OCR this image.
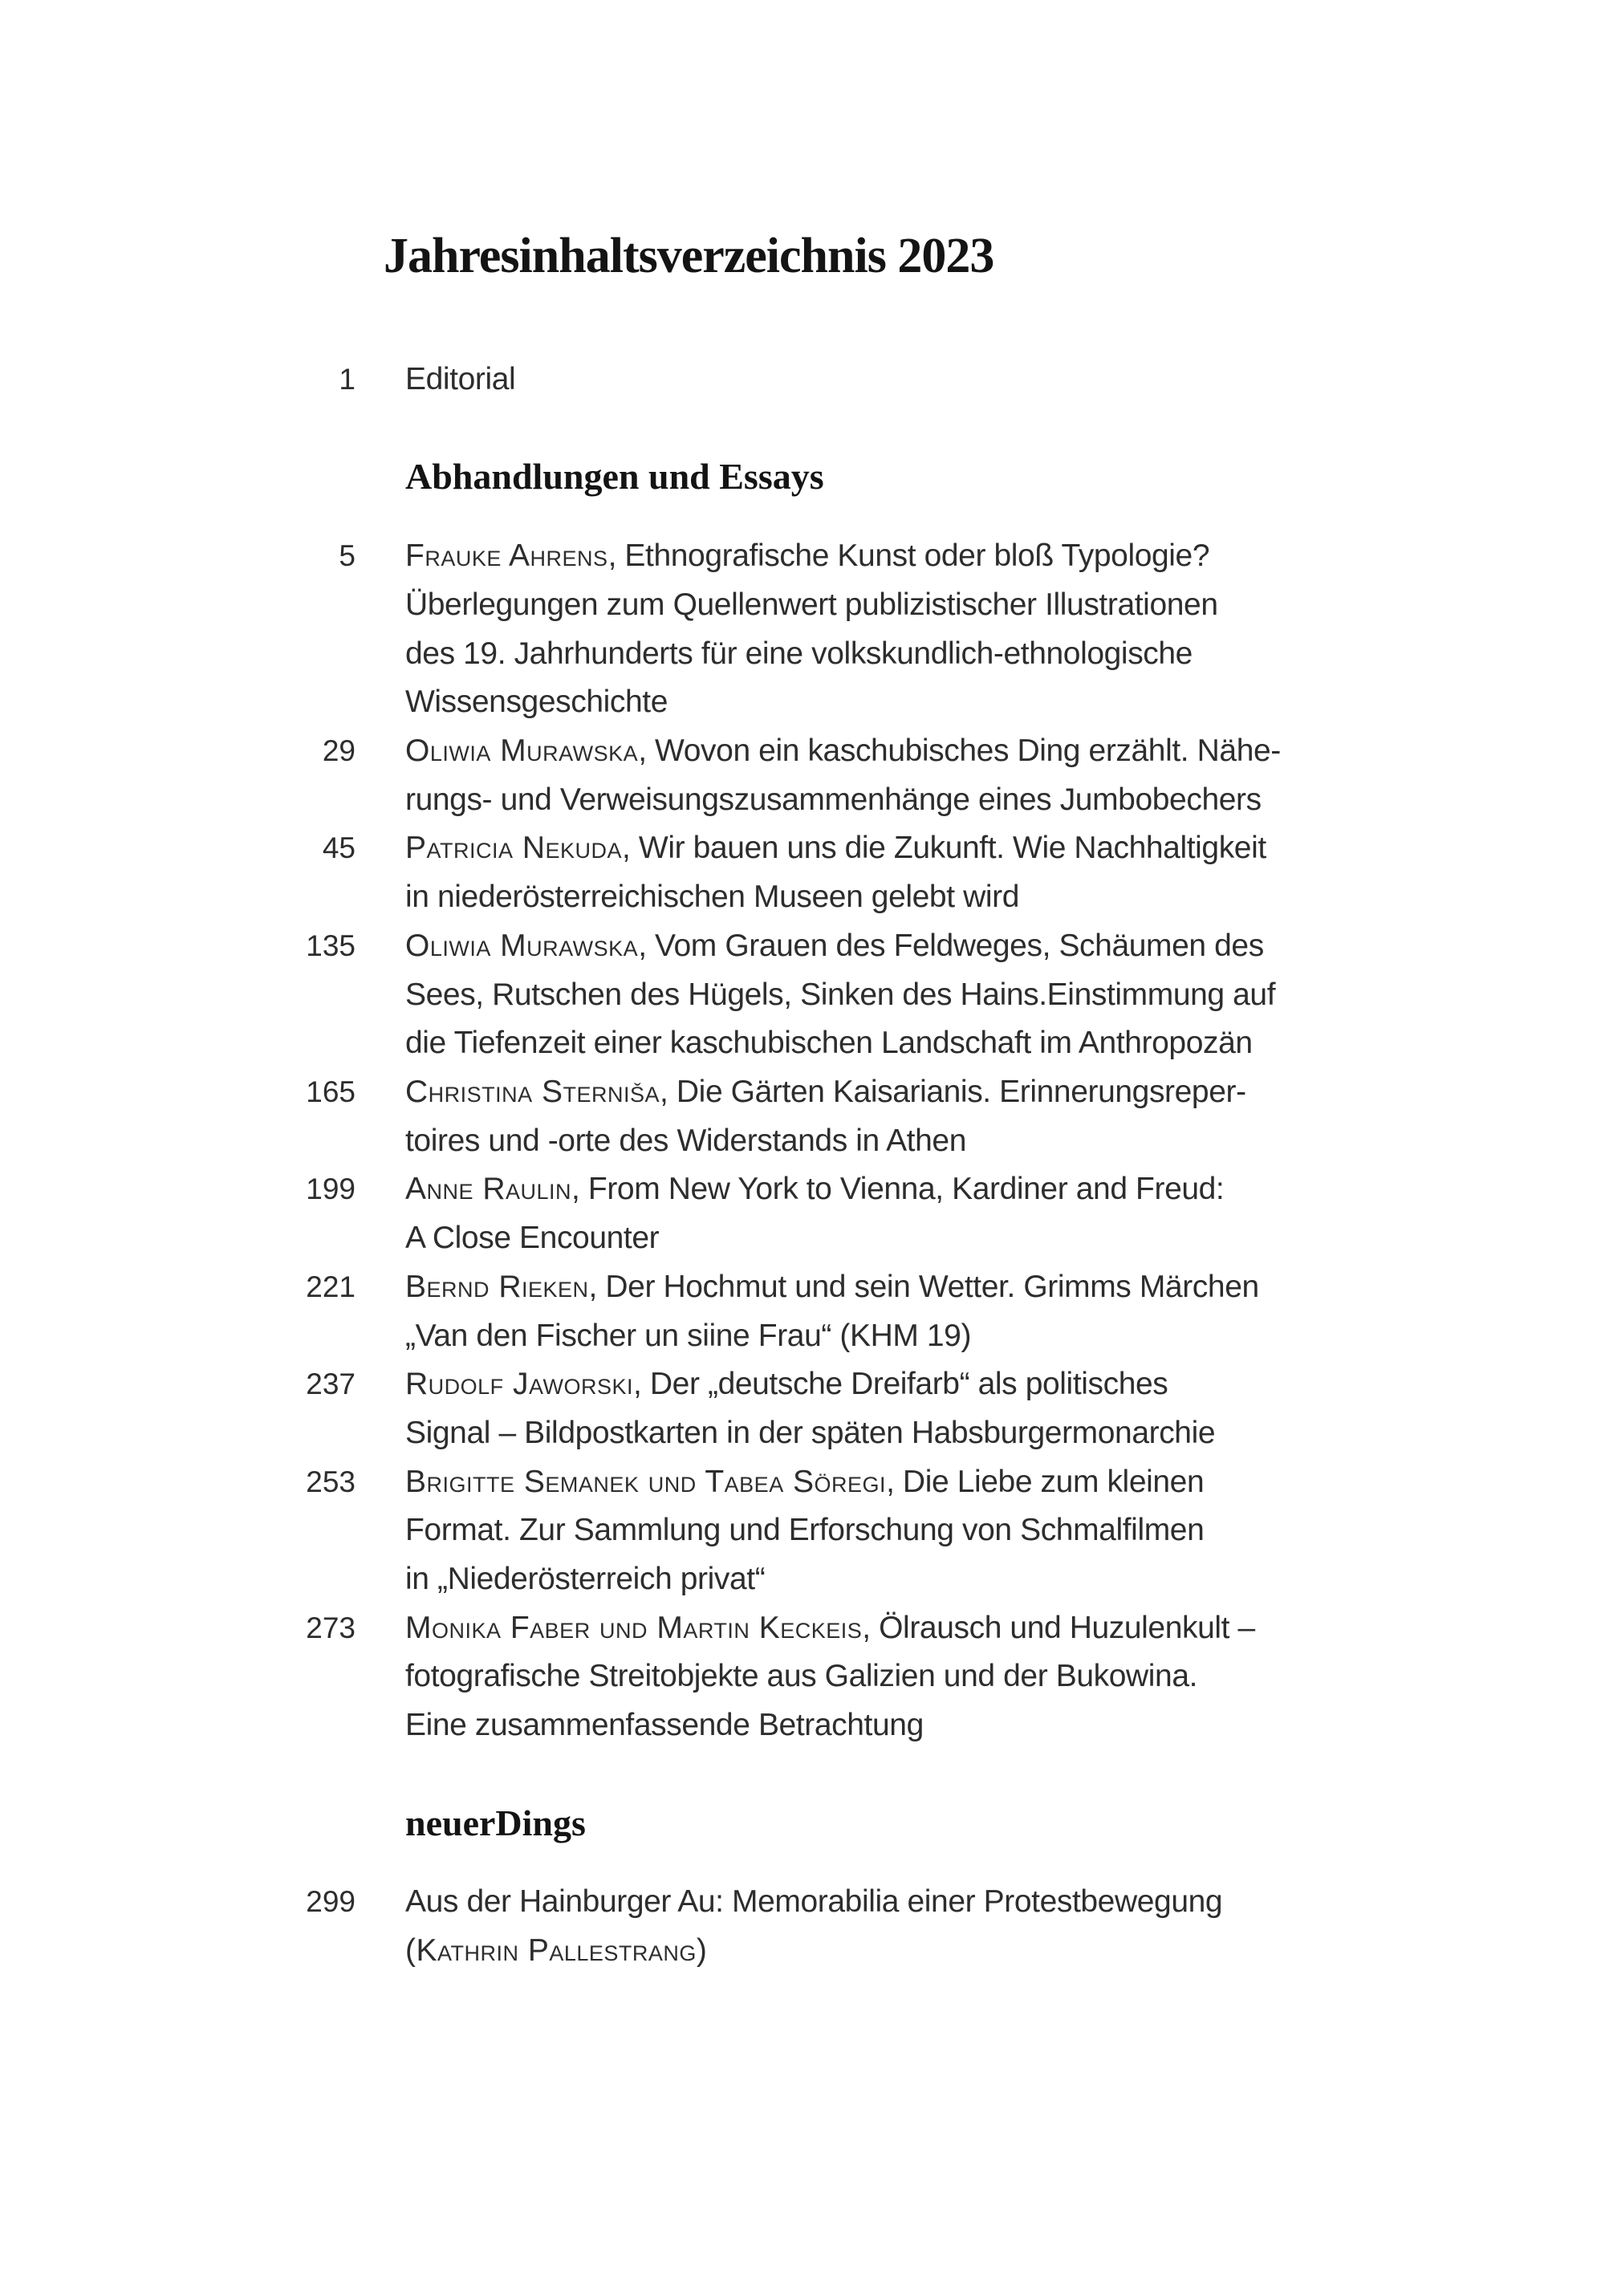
Jahresinhaltsverzeichnis 2023
1 Editorial
Abhandlungen und Essays
5 Frauke Ahrens, Ethnografische Kunst oder bloß Typologie?
Überlegungen zum Quellenwert publizistischer Illustrationen
des 19. Jahrhunderts für eine volkskundlich-ethnologische
Wissensgeschichte
29 Oliwia Murawska, Wovon ein kaschubisches Ding erzählt. Nähe-
rungs- und Verweisungszusammenhänge eines Jumbobechers
45 Patricia Nekuda, Wir bauen uns die Zukunft. Wie Nachhaltigkeit
in niederösterreichischen Museen gelebt wird
135 Oliwia Murawska, Vom Grauen des Feldweges, Schäumen des
Sees, Rutschen des Hügels, Sinken des Hains.Einstimmung auf
die Tiefenzeit einer kaschubischen Landschaft im Anthropozän
165 Christina Sterniša, Die Gärten Kaisarianis. Erinnerungsreper-
toires und -orte des Widerstands in Athen
199 Anne Raulin, From New York to Vienna, Kardiner and Freud:
A Close Encounter
221 Bernd Rieken, Der Hochmut und sein Wetter. Grimms Märchen
„Van den Fischer un siine Frau“ (KHM 19)
237 Rudolf Jaworski, Der „deutsche Dreifarb“ als politisches
Signal – Bildpostkarten in der späten Habsburgermonarchie
253 Brigitte Semanek und Tabea Söregi, Die Liebe zum kleinen
Format. Zur Sammlung und Erforschung von Schmalfilmen
in „Niederösterreich privat“
273 Monika Faber und Martin Keckeis, Ölrausch und Huzulenkult –
fotografische Streitobjekte aus Galizien und der Bukowina.
Eine zusammenfassende Betrachtung
neuerDings
299 Aus der Hainburger Au: Memorabilia einer Protestbewegung
(Kathrin Pallestrang)
